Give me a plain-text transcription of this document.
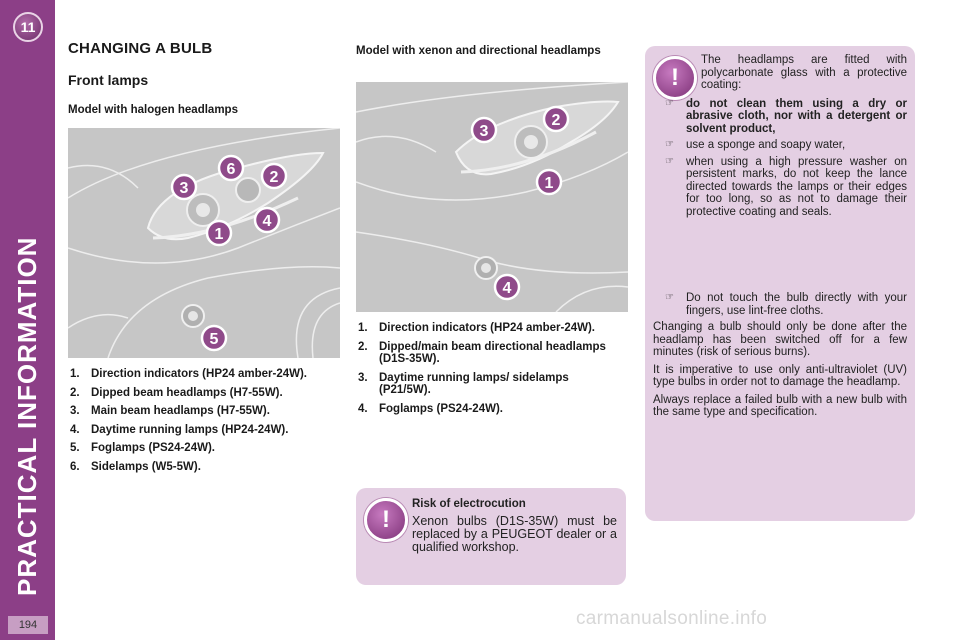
11
PRACTICAL INFORMATION
194
CHANGING A BULB
Front lamps
Model with halogen headlamps
Model with xenon and directional headlamps
6
3
2
4
1
5
3
2
1
4
1. Direction indicators (HP24 amber-24W).
2. Dipped beam headlamps (H7-55W).
3. Main beam headlamps (H7-55W).
4. Daytime running lamps (HP24-24W).
5. Foglamps (PS24-24W).
6. Sidelamps (W5-5W).
1. Direction indicators (HP24 amber-24W).
2. Dipped/main beam directional headlamps (D1S-35W).
3. Daytime running lamps/ sidelamps (P21/5W).
4. Foglamps (PS24-24W).
!
Risk of electrocution
Xenon bulbs (D1S-35W) must be replaced by a PEUGEOT dealer or a qualified workshop.
!
The headlamps are fitted with polycarbonate glass with a protective coating:
☞ do not clean them using a dry or abrasive cloth, nor with a detergent or solvent product,
☞ use a sponge and soapy water,
☞ when using a high pressure washer on persistent marks, do not keep the lance directed towards the lamps or their edges for too long, so as not to damage their protective coating and seals.
☞ Do not touch the bulb directly with your fingers, use lint-free cloths.
Changing a bulb should only be done after the headlamp has been switched off for a few minutes (risk of serious burns).
It is imperative to use only anti-ultraviolet (UV) type bulbs in order not to damage the headlamp.
Always replace a failed bulb with a new bulb with the same type and specification.
carmanualsonline.info
